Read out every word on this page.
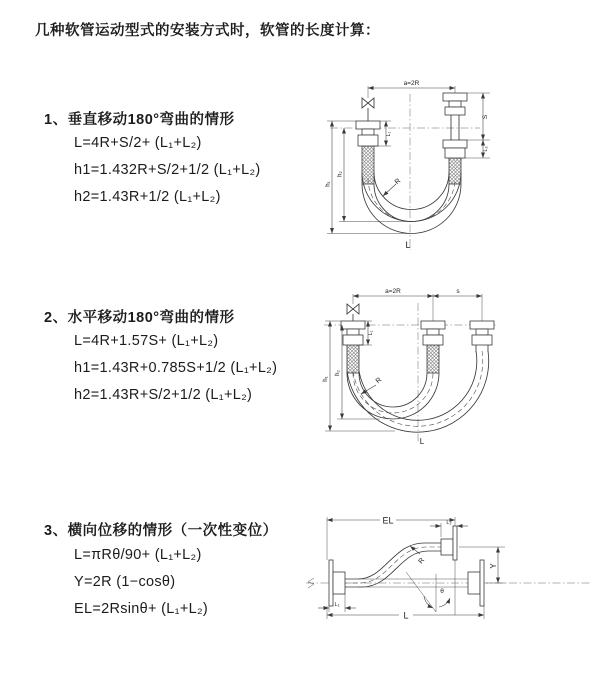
几种软管运动型式的安装方式时，软管的长度计算：
1、垂直移动180°弯曲的情形
L=4R+S/2+ (L₁+L₂)
h1=1.432R+S/2+1/2 (L₁+L₂)
h2=1.43R+1/2 (L₁+L₂)
2、水平移动180°弯曲的情形
L=4R+1.57S+ (L₁+L₂)
h1=1.43R+0.785S+1/2 (L₁+L₂)
h2=1.43R+S/2+1/2 (L₁+L₂)
3、横向位移的情形（一次性变位）
L=πRθ/90+ (L₁+L₂)
Y=2R (1−cosθ)
EL=2Rsinθ+ (L₁+L₂)
a=2R
h₁
h₂
L₁
S
L₂
R
L
a=2R	s
h₁
h₂
L₁
R
L
EL
L
Y
L₁
L₂
R
θ
